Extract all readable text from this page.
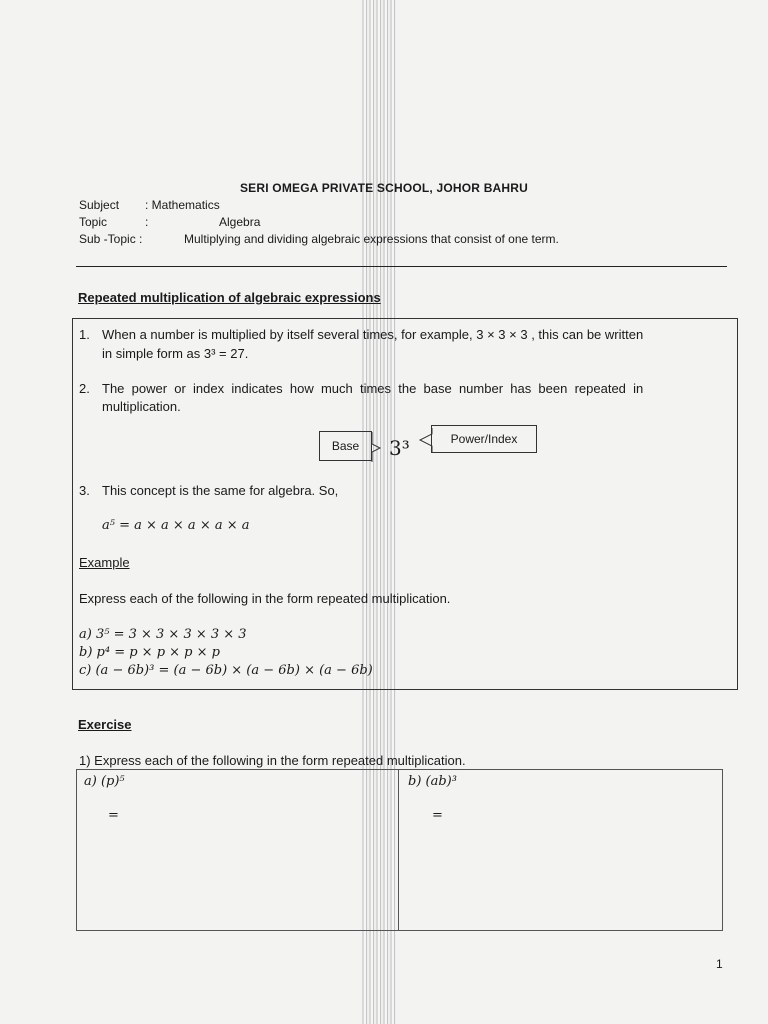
SERI OMEGA PRIVATE SCHOOL, JOHOR BAHRU
Subject : Mathematics
Topic	:	Algebra
Sub -Topic :	Multiplying and dividing algebraic expressions that consist of one term.
Repeated multiplication of algebraic expressions
1. When a number is multiplied by itself several times, for example, 3 × 3 × 3 , this can be written
in simple form as 3³ = 27.
2. The  power  or  index  indicates  how  much  times  the  base  number  has  been  repeated  in
multiplication.
Base	3³	Power/Index
3. This concept is the same for algebra. So,
a⁵ = a × a × a × a × a
Example
Express each of the following in the form repeated multiplication.
a) 3⁵ = 3 × 3 × 3 × 3 × 3
b) p⁴ = p × p × p × p
c) (a − 6b)³ = (a − 6b) × (a − 6b) × (a − 6b)
Exercise
1) Express each of the following in the form repeated multiplication.
a) (p)⁵
=
b) (ab)³
=
1
